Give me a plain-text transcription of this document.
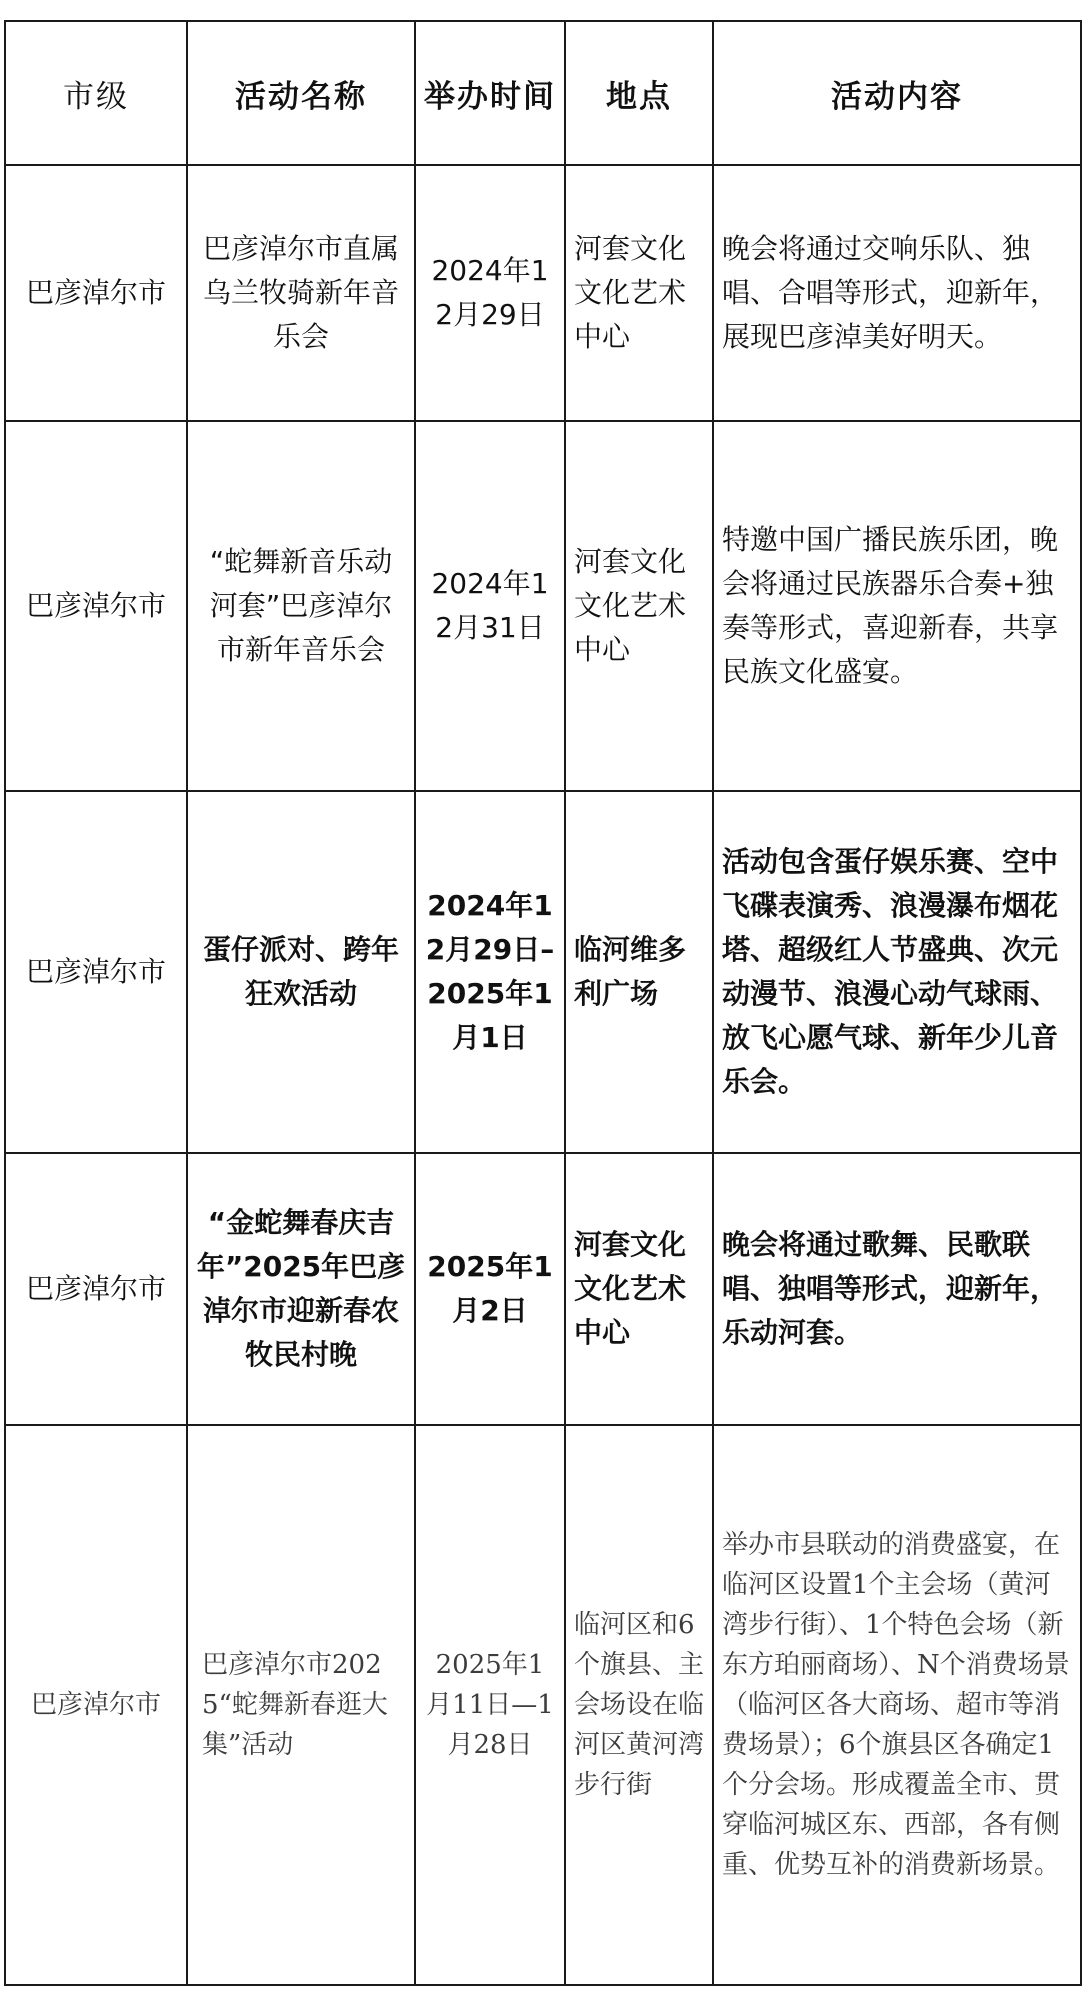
市级	活动名称	举办时间	地点	活动内容
巴彦淖尔市	巴彦淖尔市直属乌兰牧骑新年音乐会	2024年12月29日	河套文化文化艺术中心	晚会将通过交响乐队、独唱、合唱等形式，迎新年，展现巴彦淖美好明天。
巴彦淖尔市	“蛇舞新音乐动河套”巴彦淖尔市新年音乐会	2024年12月31日	河套文化文化艺术中心	特邀中国广播民族乐团，晚会将通过民族器乐合奏+独奏等形式，喜迎新春，共享民族文化盛宴。
巴彦淖尔市	蛋仔派对、跨年狂欢活动	2024年12月29日–2025年1月1日	临河维多利广场	活动包含蛋仔娱乐赛、空中飞碟表演秀、浪漫瀑布烟花塔、超级红人节盛典、次元动漫节、浪漫心动气球雨、放飞心愿气球、新年少儿音乐会。
巴彦淖尔市	“金蛇舞春庆吉年”2025年巴彦淖尔市迎新春农牧民村晚	2025年1月2日	河套文化文化艺术中心	晚会将通过歌舞、民歌联唱、独唱等形式，迎新年，乐动河套。
巴彦淖尔市	巴彦淖尔市2025“蛇舞新春逛大集”活动	2025年1月11日—1月28日	临河区和6个旗县、主会场设在临河区黄河湾步行街	举办市县联动的消费盛宴，在临河区设置1个主会场（黄河湾步行街）、1个特色会场（新东方珀丽商场）、N个消费场景（临河区各大商场、超市等消费场景）；6个旗县区各确定1个分会场。形成覆盖全市、贯穿临河城区东、西部，各有侧重、优势互补的消费新场景。
